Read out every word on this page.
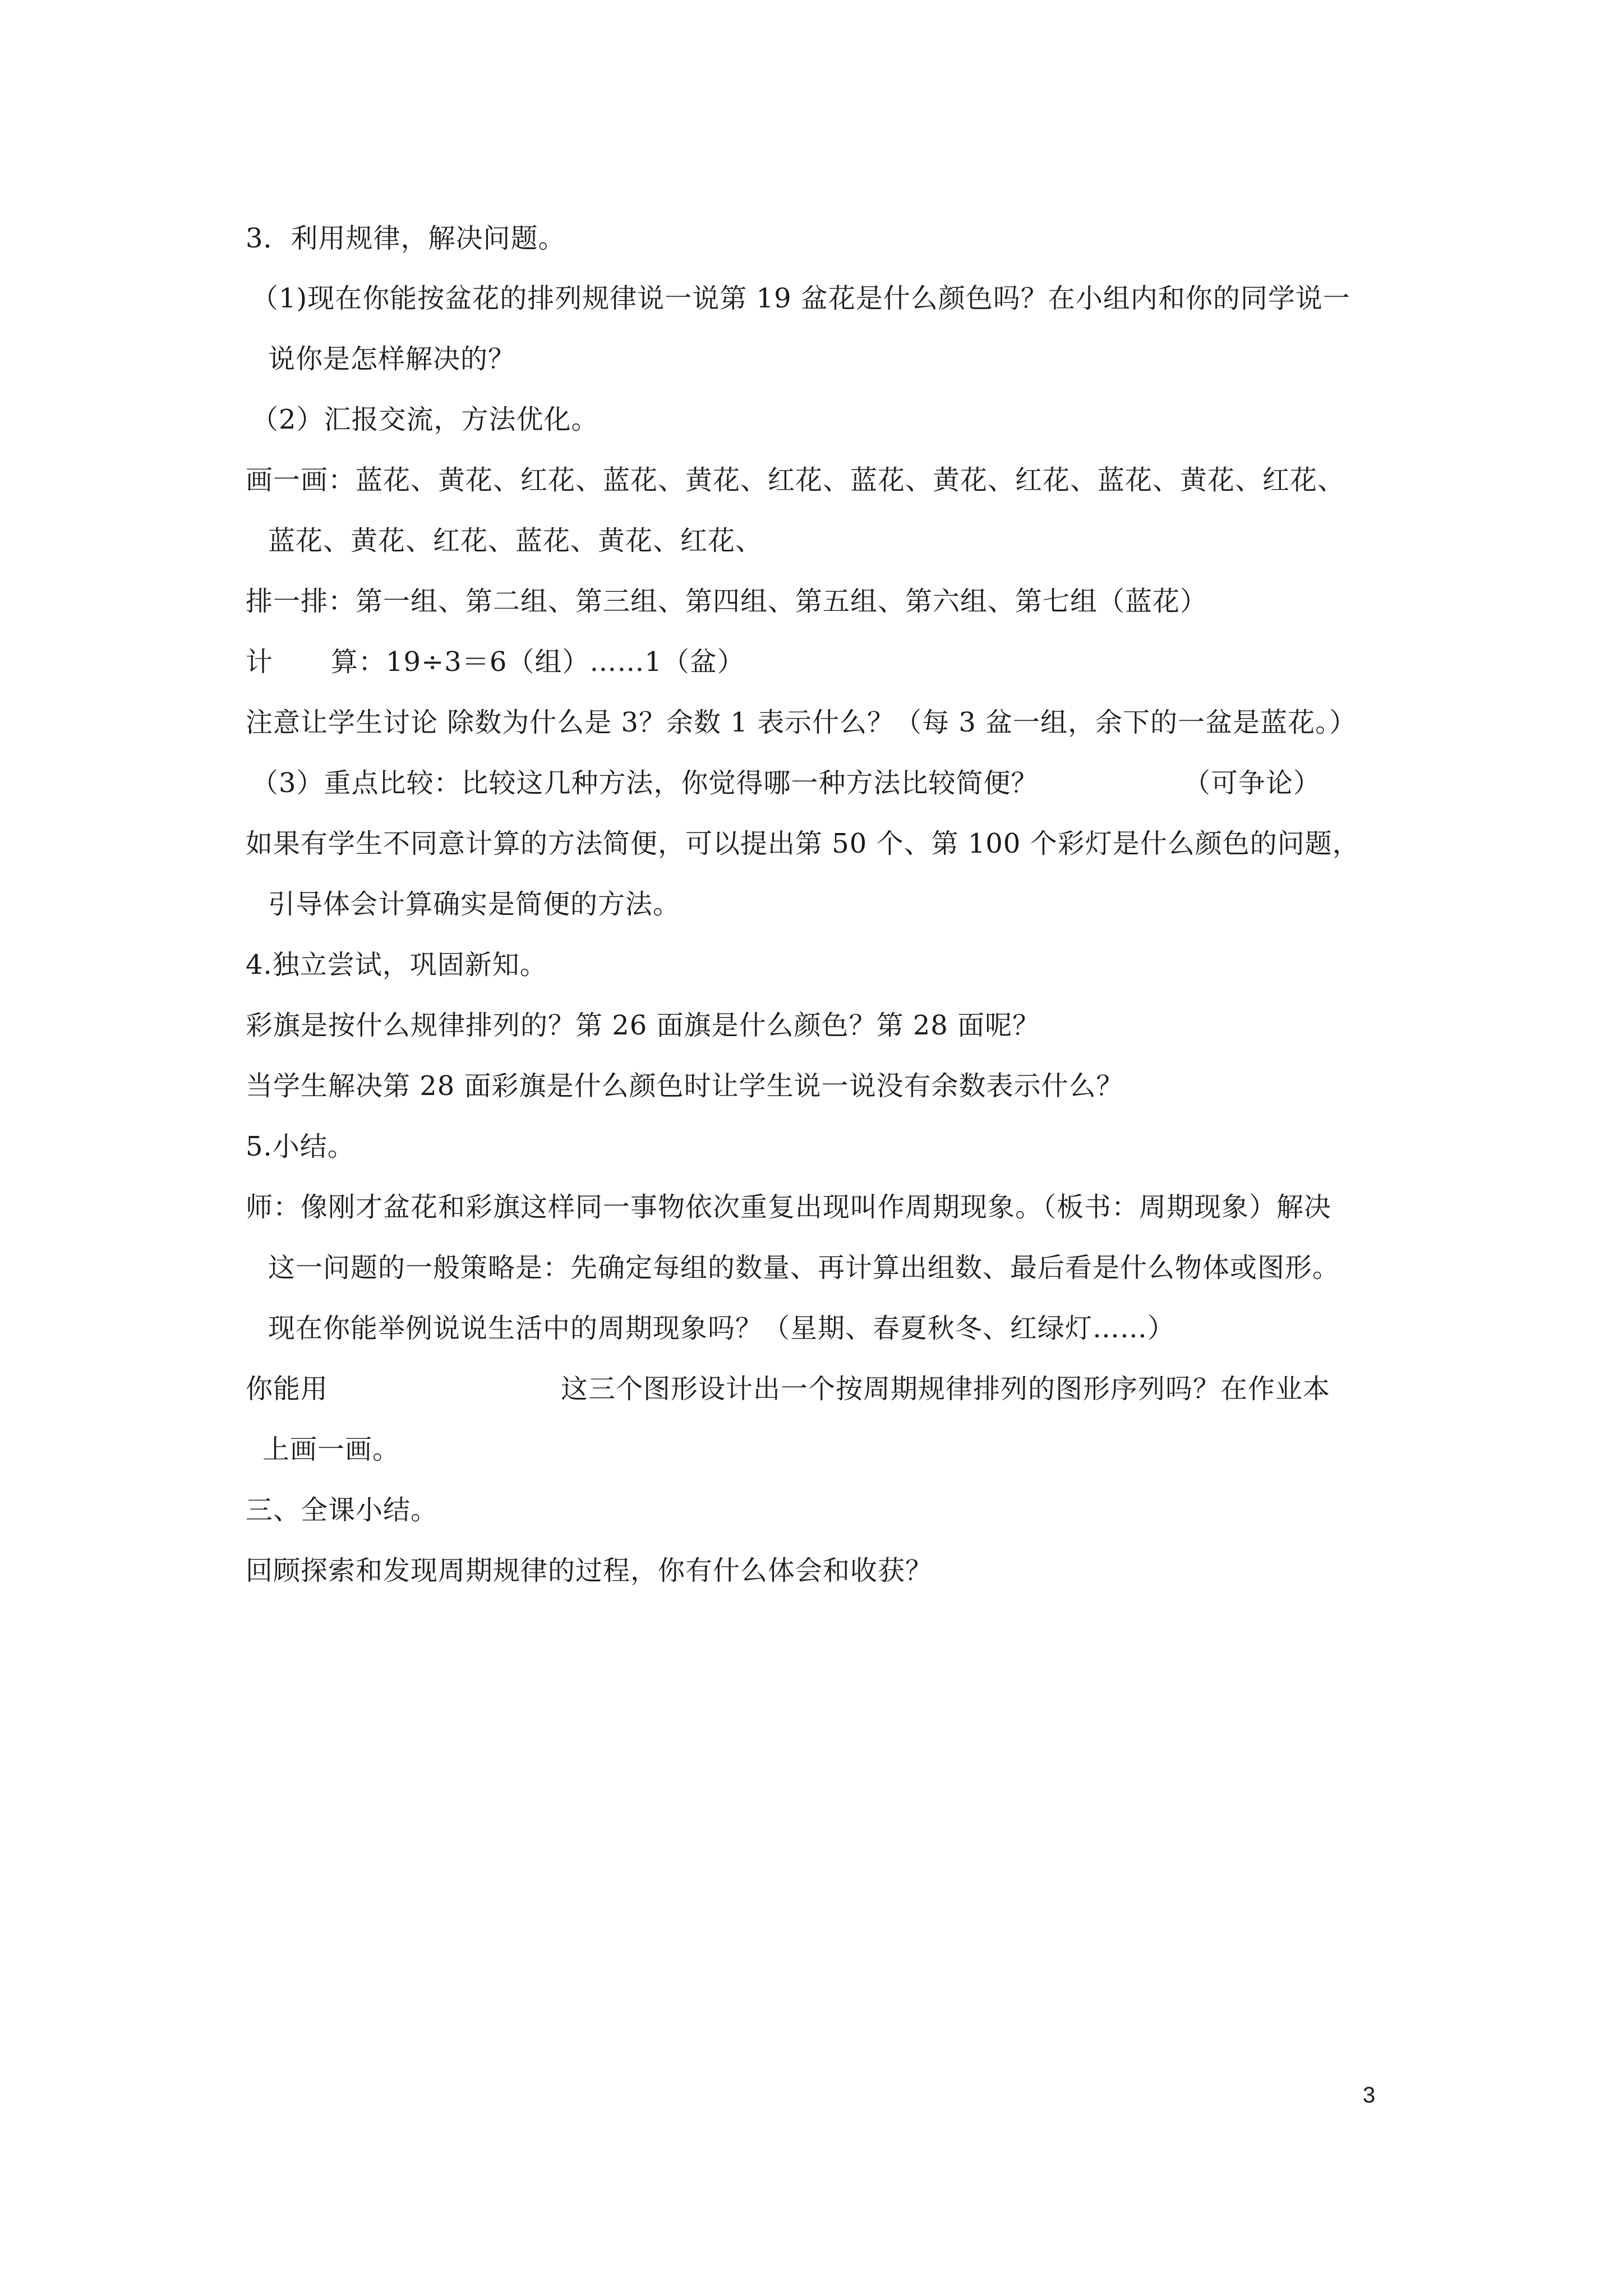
3．利用规律，解决问题。
（1)现在你能按盆花的排列规律说一说第 19 盆花是什么颜色吗？在小组内和你的同学说一
说你是怎样解决的？
（2）汇报交流，方法优化。
画一画：蓝花、黄花、红花、蓝花、黄花、红花、蓝花、黄花、红花、蓝花、黄花、红花、
蓝花、黄花、红花、蓝花、黄花、红花、
排一排：第一组、第二组、第三组、第四组、第五组、第六组、第七组（蓝花）
计 算：19÷3＝6（组）……1（盆）
注意让学生讨论 除数为什么是 3？余数 1 表示什么？（每 3 盆一组，余下的一盆是蓝花。）
（3）重点比较：比较这几种方法，你觉得哪一种方法比较简便？	（可争论）
如果有学生不同意计算的方法简便，可以提出第 50 个、第 100 个彩灯是什么颜色的问题，
引导体会计算确实是简便的方法。
4.独立尝试，巩固新知。
彩旗是按什么规律排列的？第 26 面旗是什么颜色？第 28 面呢？
当学生解决第 28 面彩旗是什么颜色时让学生说一说没有余数表示什么？
5.小结。
师：像刚才盆花和彩旗这样同一事物依次重复出现叫作周期现象。（板书：周期现象）解决
这一问题的一般策略是：先确定每组的数量、再计算出组数、最后看是什么物体或图形。
现在你能举例说说生活中的周期现象吗？（星期、春夏秋冬、红绿灯……）
你能用	这三个图形设计出一个按周期规律排列的图形序列吗？在作业本
上画一画。
三、全课小结。
回顾探索和发现周期规律的过程，你有什么体会和收获？
3
